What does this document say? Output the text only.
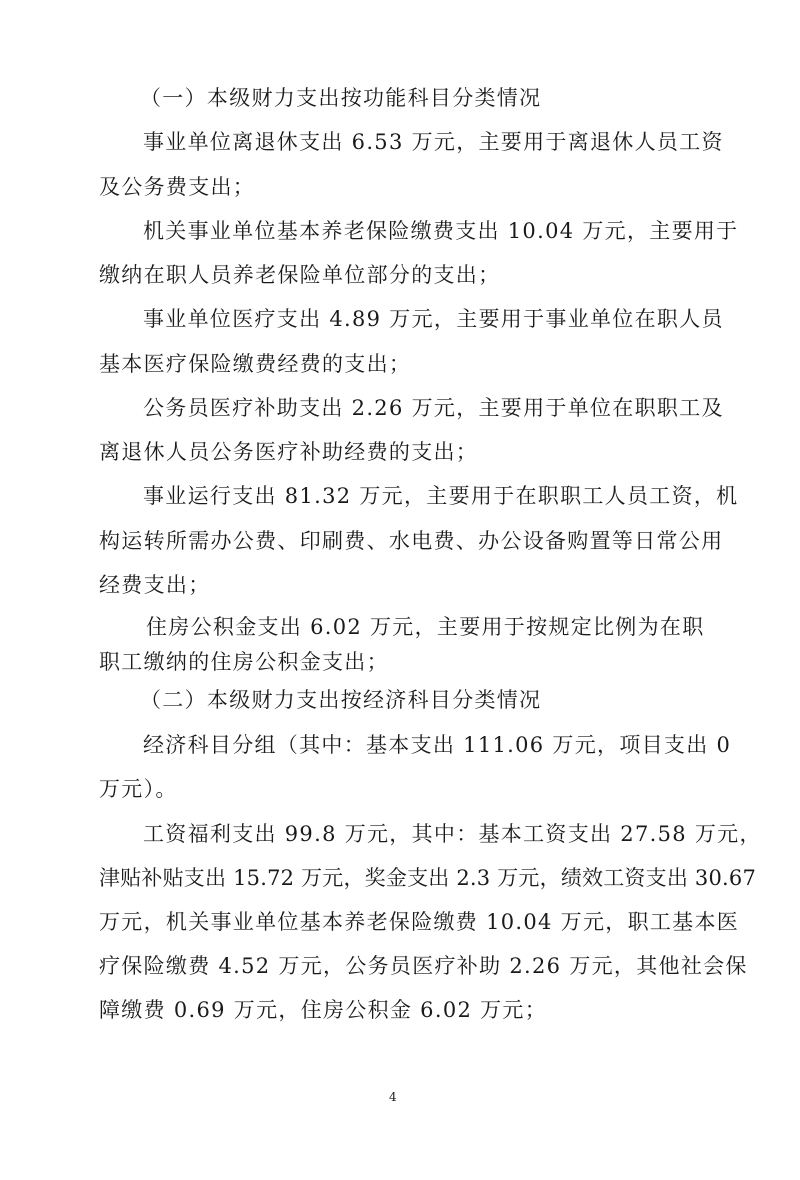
（一）本级财力支出按功能科目分类情况
事业单位离退休支出 6.53 万元，主要用于离退休人员工资
及公务费支出；
机关事业单位基本养老保险缴费支出 10.04 万元，主要用于
缴纳在职人员养老保险单位部分的支出；
事业单位医疗支出 4.89 万元，主要用于事业单位在职人员
基本医疗保险缴费经费的支出；
公务员医疗补助支出 2.26 万元，主要用于单位在职职工及
离退休人员公务医疗补助经费的支出；
事业运行支出 81.32 万元，主要用于在职职工人员工资，机
构运转所需办公费、印刷费、水电费、办公设备购置等日常公用
经费支出；
住房公积金支出 6.02 万元，主要用于按规定比例为在职
职工缴纳的住房公积金支出；
（二）本级财力支出按经济科目分类情况
经济科目分组（其中：基本支出 111.06 万元，项目支出 0
万元）。
工资福利支出 99.8 万元，其中：基本工资支出 27.58 万元，
津贴补贴支出 15.72 万元，奖金支出 2.3 万元，绩效工资支出 30.67
万元，机关事业单位基本养老保险缴费 10.04 万元，职工基本医
疗保险缴费 4.52 万元，公务员医疗补助 2.26 万元，其他社会保
障缴费 0.69 万元，住房公积金 6.02 万元；
4
